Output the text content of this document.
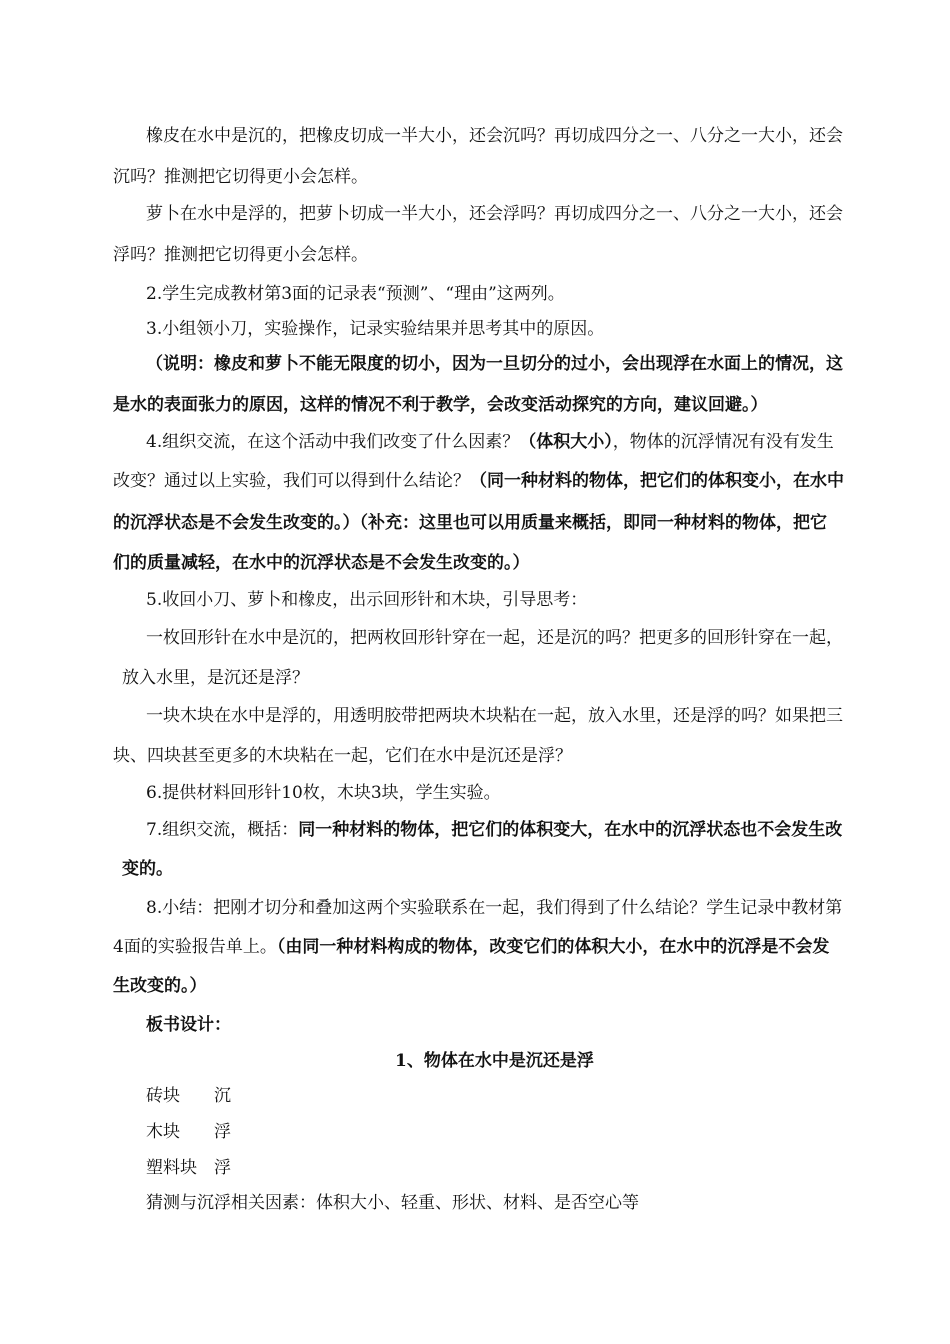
橡皮在水中是沉的，把橡皮切成一半大小，还会沉吗？再切成四分之一、八分之一大小，还会
沉吗？推测把它切得更小会怎样。
萝卜在水中是浮的，把萝卜切成一半大小，还会浮吗？再切成四分之一、八分之一大小，还会
浮吗？推测把它切得更小会怎样。
2.学生完成教材第3面的记录表“预测”、“理由”这两列。
3.小组领小刀，实验操作，记录实验结果并思考其中的原因。
（说明：橡皮和萝卜不能无限度的切小，因为一旦切分的过小，会出现浮在水面上的情况，这
是水的表面张力的原因，这样的情况不利于教学，会改变活动探究的方向，建议回避。）
4.组织交流，在这个活动中我们改变了什么因素？（体积大小），物体的沉浮情况有没有发生
改变？通过以上实验，我们可以得到什么结论？（同一种材料的物体，把它们的体积变小，在水中
的沉浮状态是不会发生改变的。）（补充：这里也可以用质量来概括，即同一种材料的物体，把它
们的质量减轻，在水中的沉浮状态是不会发生改变的。）
5.收回小刀、萝卜和橡皮，出示回形针和木块，引导思考：
一枚回形针在水中是沉的，把两枚回形针穿在一起，还是沉的吗？把更多的回形针穿在一起，
放入水里，是沉还是浮？
一块木块在水中是浮的，用透明胶带把两块木块粘在一起，放入水里，还是浮的吗？如果把三
块、四块甚至更多的木块粘在一起，它们在水中是沉还是浮？
6.提供材料回形针10枚，木块3块，学生实验。
7.组织交流，概括：同一种材料的物体，把它们的体积变大，在水中的沉浮状态也不会发生改
变的。
8.小结：把刚才切分和叠加这两个实验联系在一起，我们得到了什么结论？学生记录中教材第
4面的实验报告单上。（由同一种材料构成的物体，改变它们的体积大小，在水中的沉浮是不会发
生改变的。）
板书设计：
1、物体在水中是沉还是浮
砖块 沉
木块 浮
塑料块 浮
猜测与沉浮相关因素：体积大小、轻重、形状、材料、是否空心等
